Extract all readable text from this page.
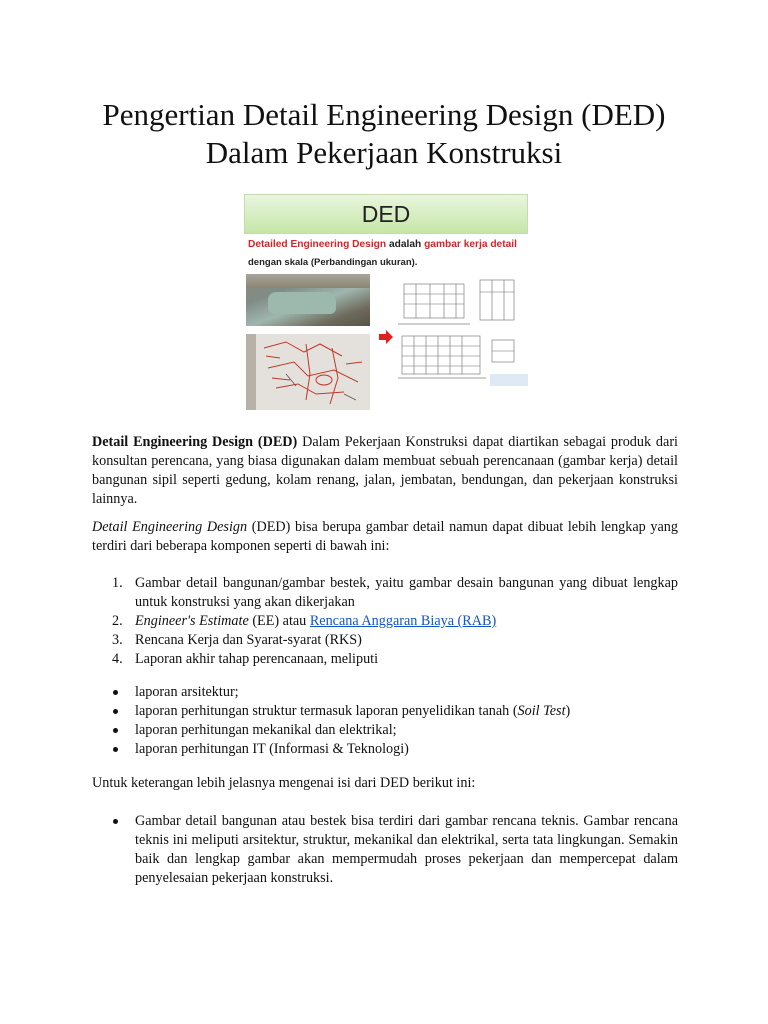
Pengertian Detail Engineering Design (DED)
Dalam Pekerjaan Konstruksi
DED
Detailed Engineering Design adalah gambar kerja detail
dengan skala (Perbandingan ukuran).
Detail Engineering Design (DED) Dalam Pekerjaan Konstruksi dapat diartikan sebagai produk dari konsultan perencana, yang biasa digunakan dalam membuat sebuah perencanaan (gambar kerja) detail bangunan sipil seperti gedung, kolam renang, jalan, jembatan, bendungan, dan pekerjaan konstruksi lainnya.
Detail Engineering Design (DED) bisa berupa gambar detail namun dapat dibuat lebih lengkap yang terdiri dari beberapa komponen seperti di bawah ini:
1. Gambar detail bangunan/gambar bestek, yaitu gambar desain bangunan yang dibuat lengkap untuk konstruksi yang akan dikerjakan
2. Engineer's Estimate (EE) atau Rencana Anggaran Biaya (RAB)
3. Rencana Kerja dan Syarat-syarat (RKS)
4. Laporan akhir tahap perencanaan, meliputi
laporan arsitektur;
laporan perhitungan struktur termasuk laporan penyelidikan tanah (Soil Test)
laporan perhitungan mekanikal dan elektrikal;
laporan perhitungan IT (Informasi & Teknologi)
Untuk keterangan lebih jelasnya mengenai isi dari DED berikut ini:
Gambar detail bangunan atau bestek bisa terdiri dari gambar rencana teknis. Gambar rencana teknis ini meliputi arsitektur, struktur, mekanikal dan elektrikal, serta tata lingkungan. Semakin baik dan lengkap gambar akan mempermudah proses pekerjaan dan mempercepat dalam penyelesaian pekerjaan konstruksi.
